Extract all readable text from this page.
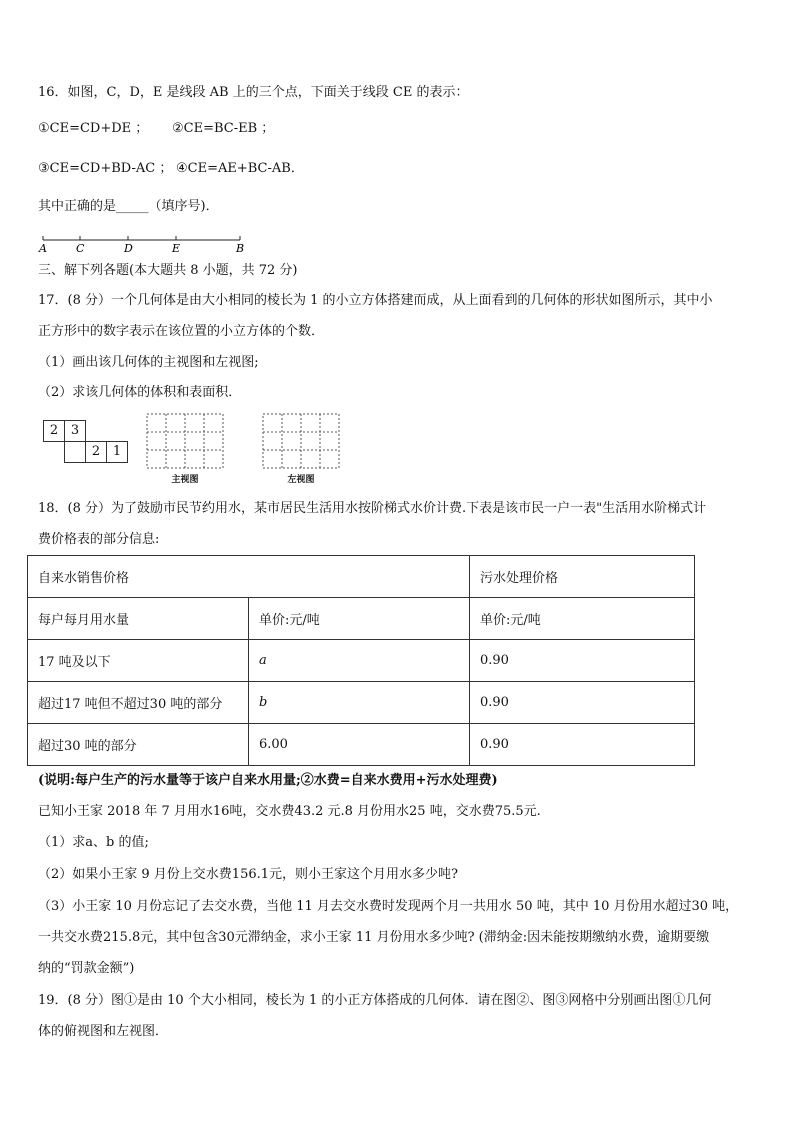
16．如图，C，D，E 是线段 AB 上的三个点，下面关于线段 CE 的表示：
①CE=CD+DE ； ②CE=BC-EB ；
③CE=CD+BD-AC ； ④CE=AE+BC-AB．
其中正确的是_____（填序号)．
A	C	D	E	B
三、解下列各题(本大题共 8 小题，共 72 分)
17．(8 分）一个几何体是由大小相同的棱长为 1 的小立方体搭建而成，从上面看到的几何体的形状如图所示，其中小
正方形中的数字表示在该位置的小立方体的个数．
（1）画出该几何体的主视图和左视图;
（2）求该几何体的体积和表面积．
2 3
2 1
主视图	左视图
18．(8 分）为了鼓励市民节约用水，某市居民生活用水按阶梯式水价计费.下表是该市民一户一表"生活用水阶梯式计
费价格表的部分信息:
自来水销售价格		污水处理价格
每户每月用水量	单价:元/吨	单价:元/吨
17 吨及以下	a	0.90
超过17 吨但不超过30 吨的部分	b	0.90
超过30 吨的部分	6.00	0.90
(说明:每户生产的污水量等于该户自来水用量;②水费=自来水费用+污水处理费)
已知小王家 2018 年 7 月用水16吨，交水费43.2 元.8 月份用水25 吨，交水费75.5元.
（1）求a、b 的值;
（2）如果小王家 9 月份上交水费156.1元，则小王家这个月用水多少吨?
（3）小王家 10 月份忘记了去交水费，当他 11 月去交水费时发现两个月一共用水 50 吨，其中 10 月份用水超过30 吨，
一共交水费215.8元，其中包含30元滞纳金，求小王家 11 月份用水多少吨? (滞纳金:因未能按期缴纳水费，逾期要缴
纳的“罚款金额”)
19．(8 分）图①是由 10 个大小相同，棱长为 1 的小正方体搭成的几何体．请在图②、图③网格中分别画出图①几何
体的俯视图和左视图．
